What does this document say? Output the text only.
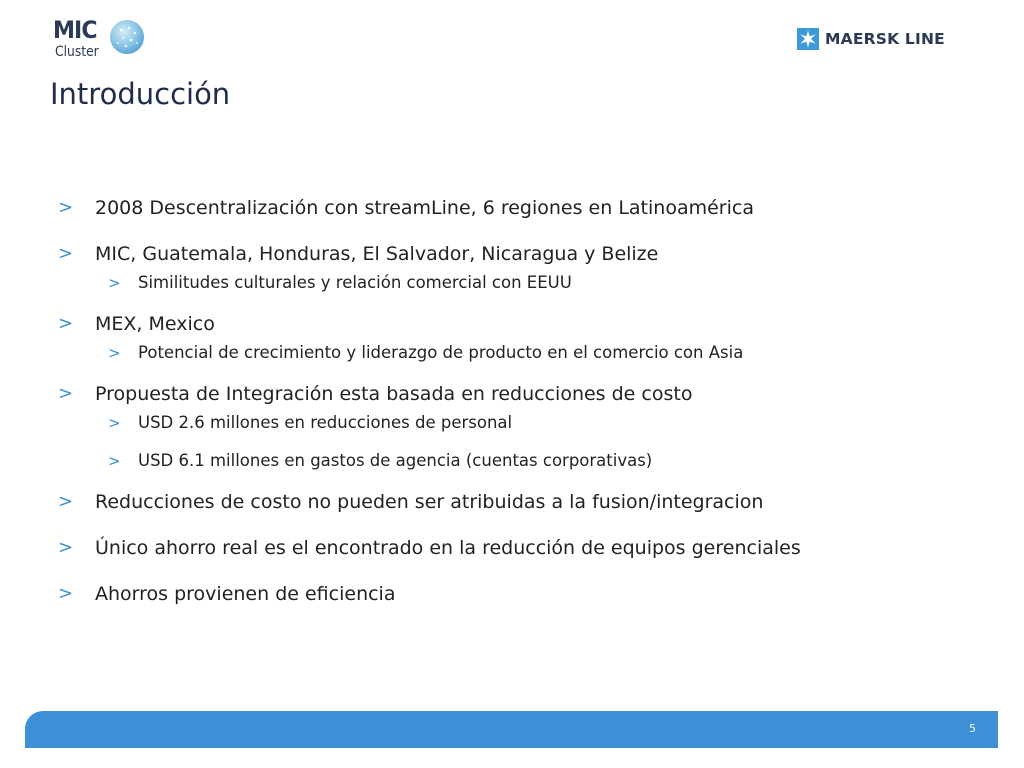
MIC
Cluster
MAERSK LINE
Introducción
> 2008 Descentralización con streamLine, 6 regiones en Latinoamérica
> MIC, Guatemala, Honduras, El Salvador, Nicaragua y Belize
> Similitudes culturales y relación comercial con EEUU
> MEX, Mexico
> Potencial de crecimiento y liderazgo de producto en el comercio con Asia
> Propuesta de Integración esta basada en reducciones de costo
> USD 2.6 millones en reducciones de personal
> USD 6.1 millones en gastos de agencia (cuentas corporativas)
> Reducciones de costo no pueden ser atribuidas a la fusion/integracion
> Único ahorro real es el encontrado en la reducción de equipos gerenciales
> Ahorros provienen de eficiencia
5
